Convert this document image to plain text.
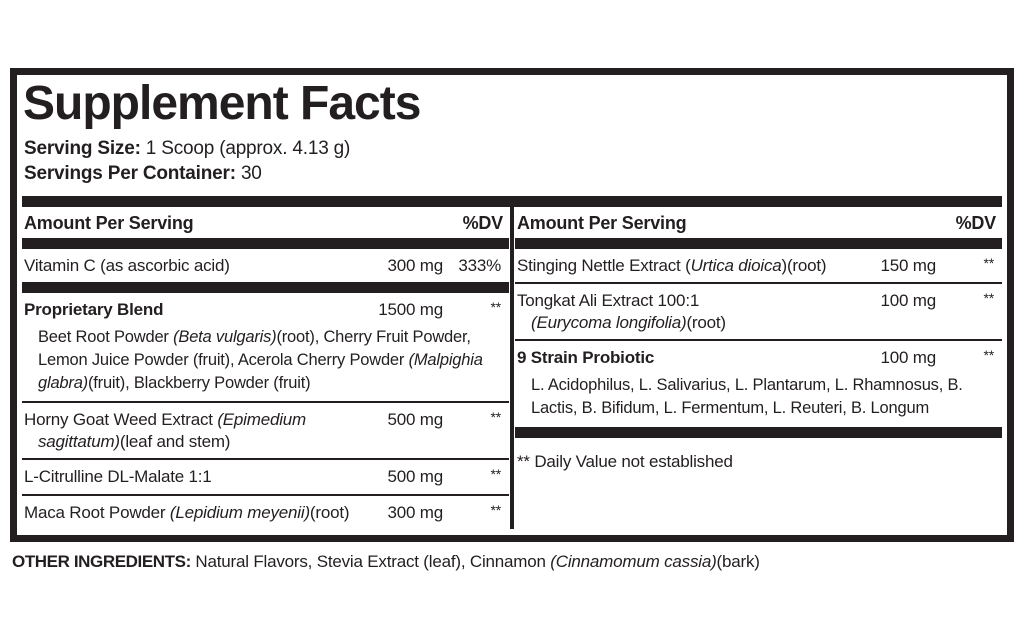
Supplement Facts
Serving Size: 1 Scoop (approx. 4.13 g)
Servings Per Container: 30
Amount Per Serving	%DV
Vitamin C (as ascorbic acid)	300 mg 333%
Proprietary Blend	1500 mg	**
Beet Root Powder (Beta vulgaris)(root), Cherry Fruit Powder, Lemon Juice Powder (fruit), Acerola Cherry Powder (Malpighia glabra)(fruit), Blackberry Powder (fruit)
Horny Goat Weed Extract (Epimedium
sagittatum)(leaf and stem)
500 mg	**
L-Citrulline DL-Malate 1:1	500 mg	**
Maca Root Powder (Lepidium meyenii)(root)	300 mg	**
Amount Per Serving	%DV
Stinging Nettle Extract (Urtica dioica)(root)	150 mg	**
Tongkat Ali Extract 100:1
(Eurycoma longifolia)(root)
100 mg	**
9 Strain Probiotic	100 mg	**
L. Acidophilus, L. Salivarius, L. Plantarum, L. Rhamnosus, B. Lactis, B. Bifidum, L. Fermentum, L. Reuteri, B. Longum
** Daily Value not established
OTHER INGREDIENTS: Natural Flavors, Stevia Extract (leaf), Cinnamon (Cinnamomum cassia)(bark)
